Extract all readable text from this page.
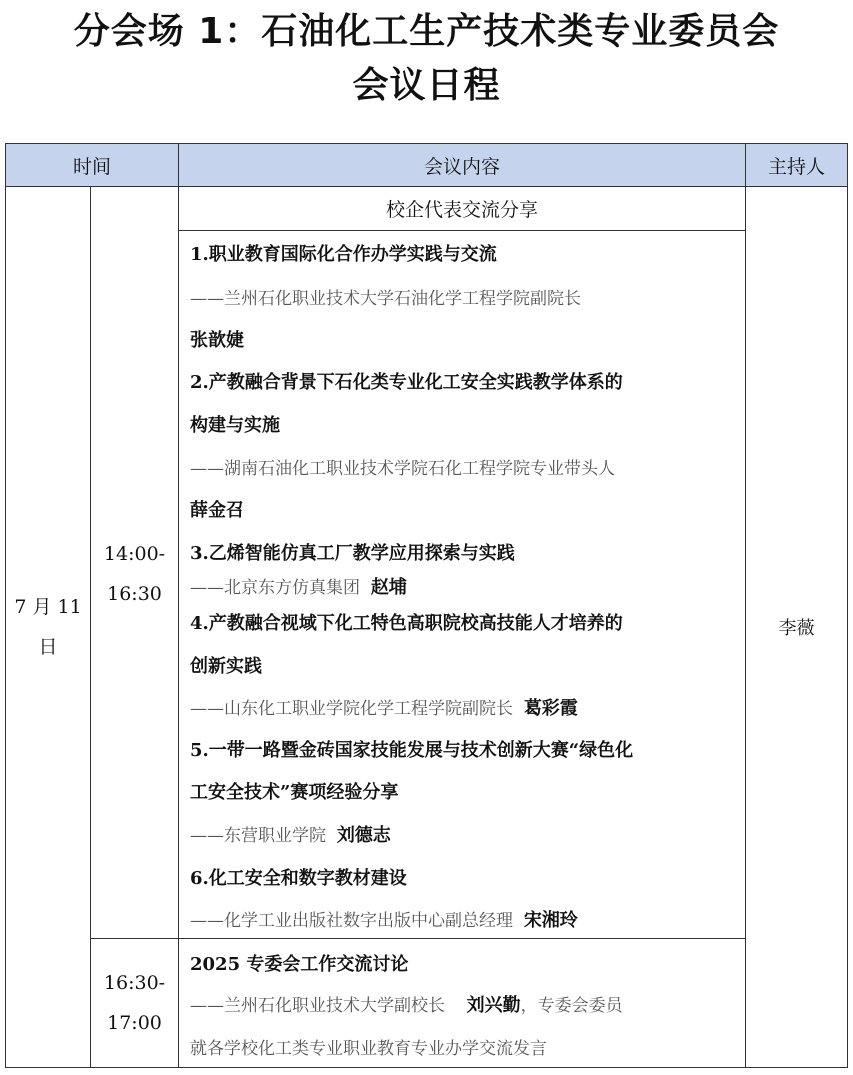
分会场 1：石油化工生产技术类专业委员会
会议日程
时间	会议内容	主持人
7 月 11
日
14:00-
16:30
校企代表交流分享
16:30-
17:00
李薇
1.职业教育国际化合作办学实践与交流
——兰州石化职业技术大学石油化学工程学院副院长
张歆婕
2.产教融合背景下石化类专业化工安全实践教学体系的
构建与实施
——湖南石油化工职业技术学院石化工程学院专业带头人
薛金召
3.乙烯智能仿真工厂教学应用探索与实践
——北京东方仿真集团 赵埔
4.产教融合视域下化工特色高职院校高技能人才培养的
创新实践
——山东化工职业学院化学工程学院副院长 葛彩霞
5.一带一路暨金砖国家技能发展与技术创新大赛“绿色化
工安全技术”赛项经验分享
——东营职业学院 刘德志
6.化工安全和数字教材建设
——化学工业出版社数字出版中心副总经理 宋湘玲
2025 专委会工作交流讨论
——兰州石化职业技术大学副校长 刘兴勤，专委会委员
就各学校化工类专业职业教育专业办学交流发言
